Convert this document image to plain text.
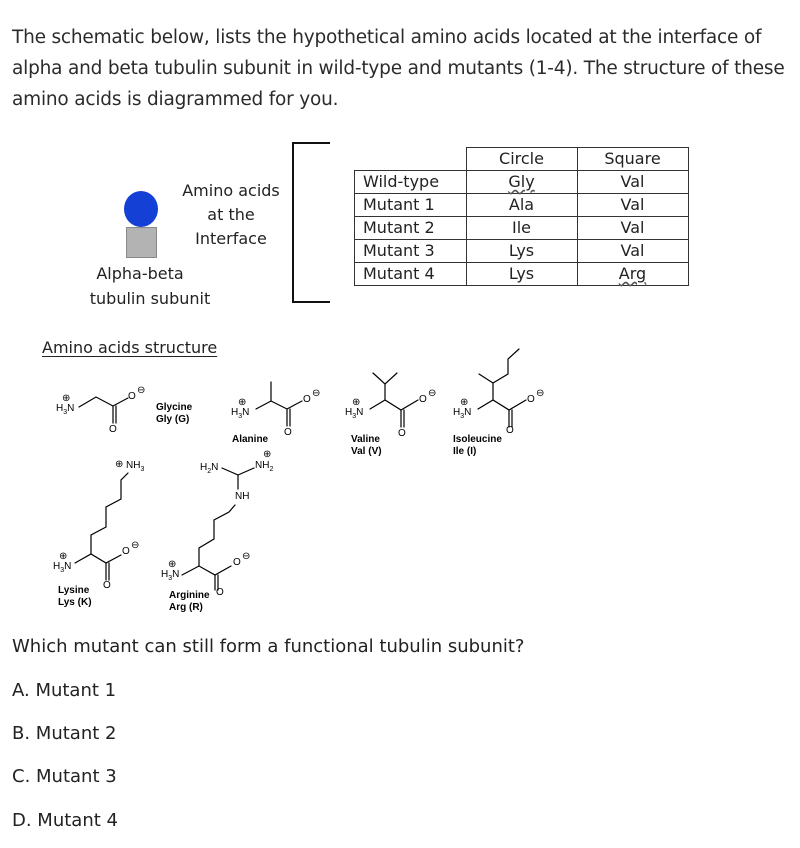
The schematic below, lists the hypothetical amino acids located at the interface of alpha and beta tubulin subunit in wild-type and mutants (1-4). The structure of these amino acids is diagrammed for you.
Amino acids
at the
Interface
Alpha-beta
tubulin subunit
	Circle	Square
Wild-type	Gly	Val
Mutant 1	Ala	Val
Mutant 2	Ile	Val
Mutant 3	Lys	Val
Mutant 4	Lys	Arg
Amino acids structure
⊕
$H_3N$
O
⊖
O
Glycine
Gly (G)
⊕
$H_3N$
O
⊖
O
Alanine
⊕
$H_3N$
O
⊖
O
Valine
Val (V)
⊕
$H_3N$
O
⊖
O
Isoleucine
Ile (I)
⊕ $NH_3$
⊕
$H_3N$
O
⊖
O
Lysine
Lys (K)
$H_2N$
⊕
$NH_2$
NH
⊕
$H_3N$
O
⊖
O
Arginine
Arg (R)
Which mutant can still form a functional tubulin subunit?
A. Mutant 1
B. Mutant 2
C. Mutant 3
D. Mutant 4
